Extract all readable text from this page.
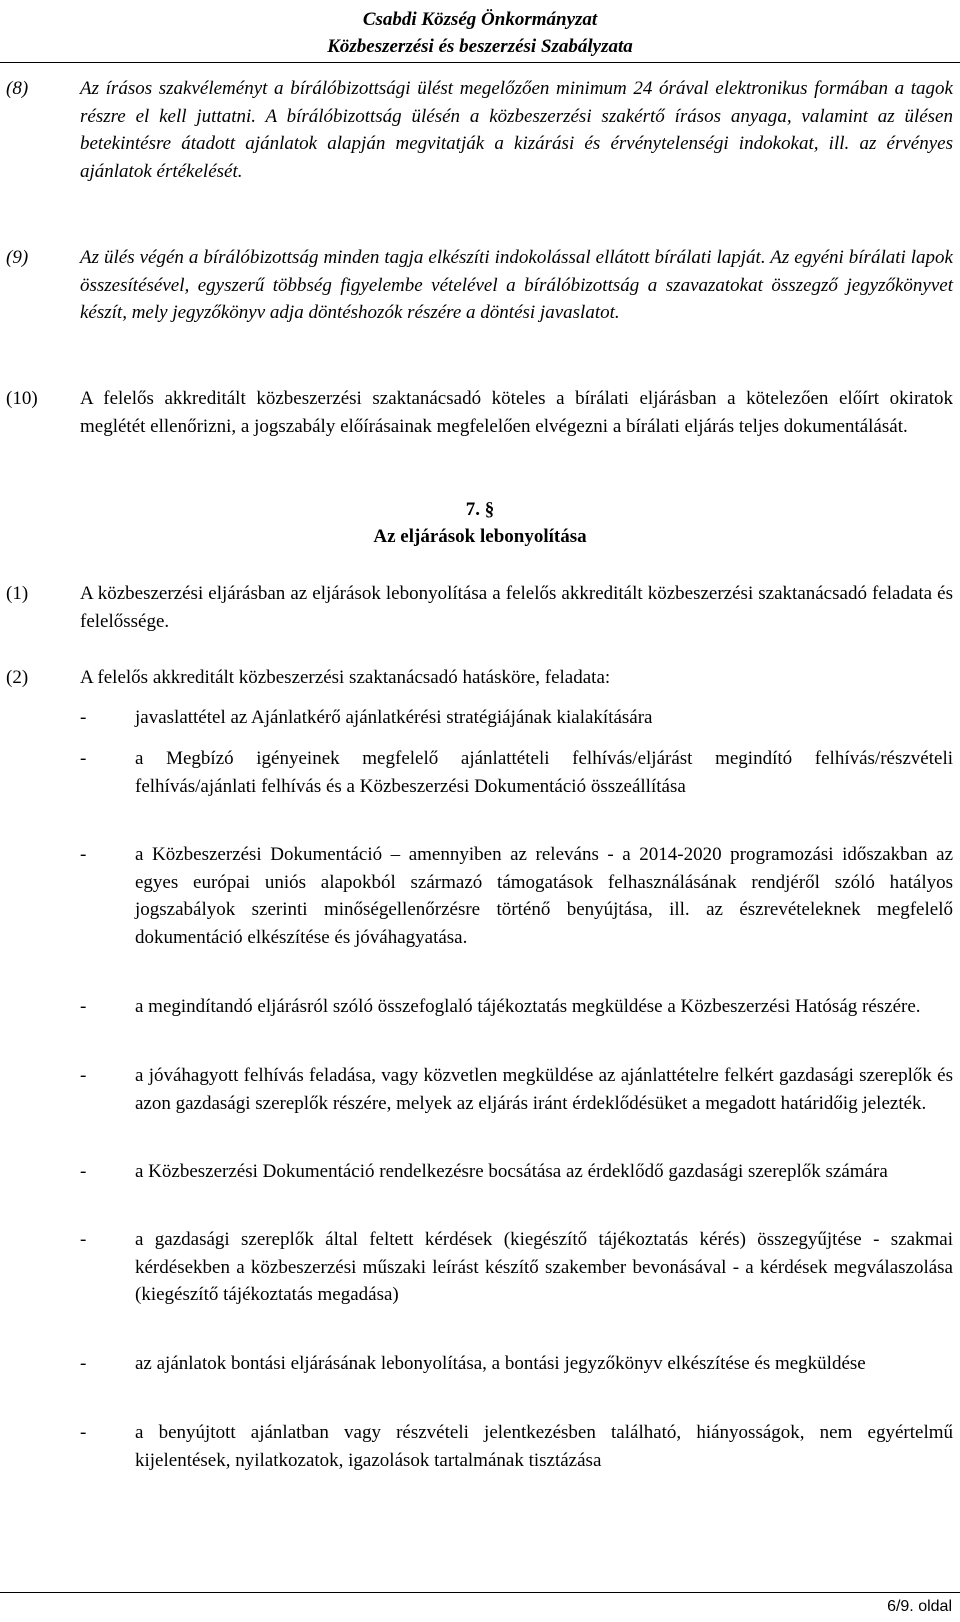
Csabdi Község Önkormányzat
Közbeszerzési és beszerzési Szabályzata
(8)	Az írásos szakvéleményt a bírálóbizottsági ülést megelőzően minimum 24 órával elektronikus formában a tagok részre el kell juttatni. A bírálóbizottság ülésén a közbeszerzési szakértő írásos anyaga, valamint az ülésen betekintésre átadott ajánlatok alapján megvitatják a kizárási és érvénytelenségi indokokat, ill. az érvényes ajánlatok értékelését.
(9)	Az ülés végén a bírálóbizottság minden tagja elkészíti indokolással ellátott bírálati lapját. Az egyéni bírálati lapok összesítésével, egyszerű többség figyelembe vételével a bírálóbizottság a szavazatokat összegző jegyzőkönyvet készít, mely jegyzőkönyv adja döntéshozók részére a döntési javaslatot.
(10) A felelős akkreditált közbeszerzési szaktanácsadó köteles a bírálati eljárásban a kötelezően előírt okiratok meglétét ellenőrizni, a jogszabály előírásainak megfelelően elvégezni a bírálati eljárás teljes dokumentálását.
7. §
Az eljárások lebonyolítása
(1)	A közbeszerzési eljárásban az eljárások lebonyolítása a felelős akkreditált közbeszerzési szaktanácsadó feladata és felelőssége.
(2)	A felelős akkreditált közbeszerzési szaktanácsadó hatásköre, feladata:
-	javaslattétel az Ajánlatkérő ajánlatkérési stratégiájának kialakítására
-	a Megbízó igényeinek megfelelő ajánlattételi felhívás/eljárást megindító felhívás/részvételi felhívás/ajánlati felhívás és a Közbeszerzési Dokumentáció összeállítása
-	a Közbeszerzési Dokumentáció – amennyiben az releváns - a 2014-2020 programozási időszakban az egyes európai uniós alapokból származó támogatások felhasználásának rendjéről szóló hatályos jogszabályok szerinti minőségellenőrzésre történő benyújtása, ill. az észrevételeknek megfelelő dokumentáció elkészítése és jóváhagyatása.
-	a megindítandó eljárásról szóló összefoglaló tájékoztatás megküldése a Közbeszerzési Hatóság részére.
-	a jóváhagyott felhívás feladása, vagy közvetlen megküldése az ajánlattételre felkért gazdasági szereplők és azon gazdasági szereplők részére, melyek az eljárás iránt érdeklődésüket a megadott határidőig jelezték.
-	a Közbeszerzési Dokumentáció rendelkezésre bocsátása az érdeklődő gazdasági szereplők számára
-	a gazdasági szereplők által feltett kérdések (kiegészítő tájékoztatás kérés) összegyűjtése - szakmai kérdésekben a közbeszerzési műszaki leírást készítő szakember bevonásával - a kérdések megválaszolása (kiegészítő tájékoztatás megadása)
-	az ajánlatok bontási eljárásának lebonyolítása, a bontási jegyzőkönyv elkészítése és megküldése
-	a benyújtott ajánlatban vagy részvételi jelentkezésben található, hiányosságok, nem egyértelmű kijelentések, nyilatkozatok, igazolások tartalmának tisztázása
6/9. oldal
